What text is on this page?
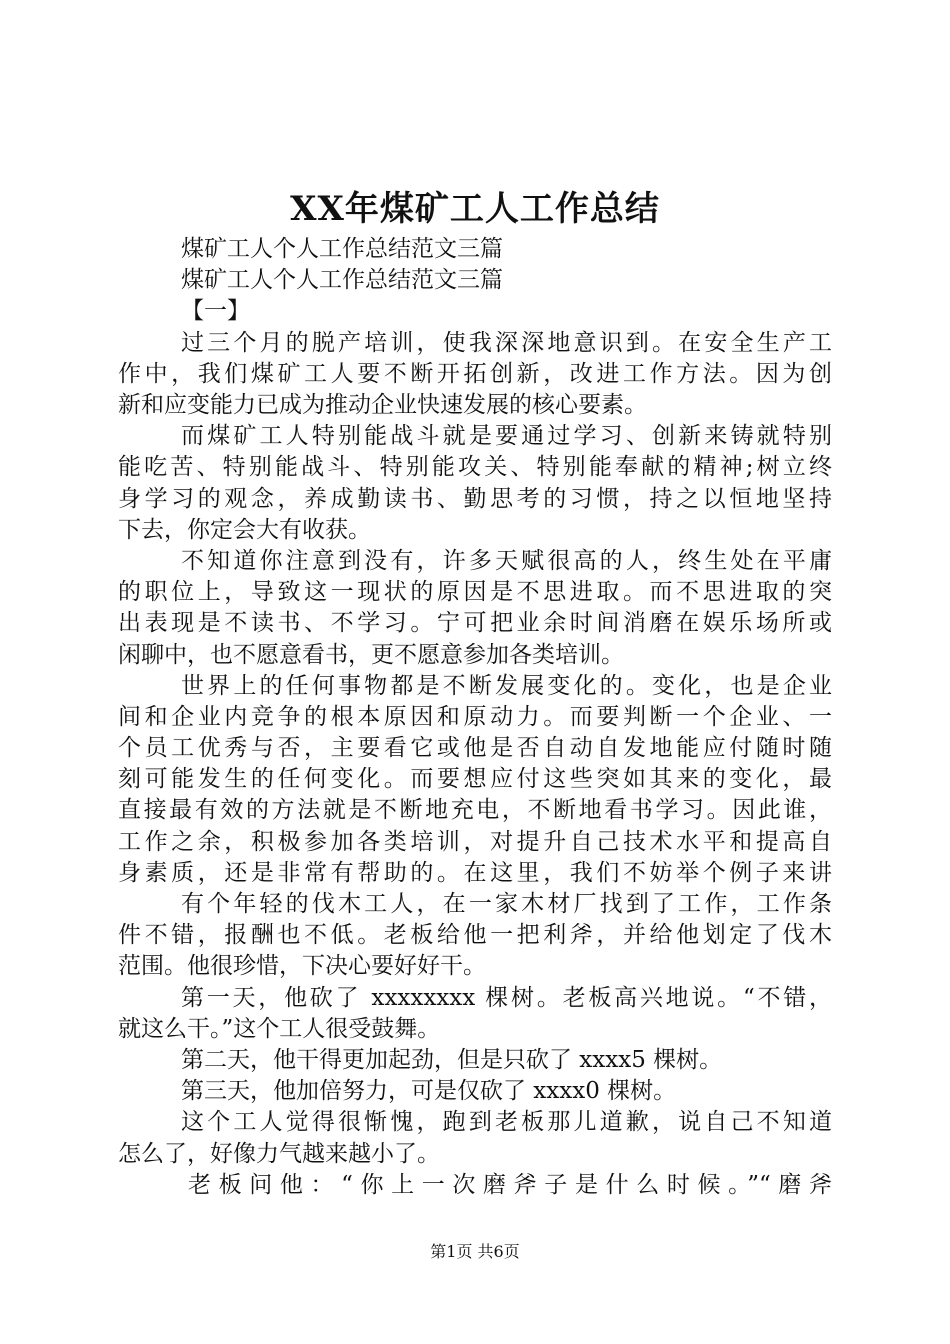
XX年煤矿工人工作总结
煤矿工人个人工作总结范文三篇
煤矿工人个人工作总结范文三篇
【一】
过三个月的脱产培训，使我深深地意识到。在安全生产工
作中，我们煤矿工人要不断开拓创新，改进工作方法。因为创
新和应变能力已成为推动企业快速发展的核心要素。
而煤矿工人特别能战斗就是要通过学习、创新来铸就特别
能吃苦、特别能战斗、特别能攻关、特别能奉献的精神;树立终
身学习的观念，养成勤读书、勤思考的习惯，持之以恒地坚持
下去，你定会大有收获。
不知道你注意到没有，许多天赋很高的人，终生处在平庸
的职位上，导致这一现状的原因是不思进取。而不思进取的突
出表现是不读书、不学习。宁可把业余时间消磨在娱乐场所或
闲聊中，也不愿意看书，更不愿意参加各类培训。
世界上的任何事物都是不断发展变化的。变化，也是企业
间和企业内竞争的根本原因和原动力。而要判断一个企业、一
个员工优秀与否，主要看它或他是否自动自发地能应付随时随
刻可能发生的任何变化。而要想应付这些突如其来的变化，最
直接最有效的方法就是不断地充电，不断地看书学习。因此谁，
工作之余，积极参加各类培训，对提升自己技术水平和提高自
身素质，还是非常有帮助的。在这里，我们不妨举个例子来讲
有个年轻的伐木工人，在一家木材厂找到了工作，工作条
件不错，报酬也不低。老板给他一把利斧，并给他划定了伐木
范围。他很珍惜，下决心要好好干。
第一天，他砍了 xxxxxxxx 棵树。老板高兴地说。“不错，
就这么干。”这个工人很受鼓舞。
第二天，他干得更加起劲，但是只砍了 xxxx5 棵树。
第三天，他加倍努力，可是仅砍了 xxxx0 棵树。
这个工人觉得很惭愧，跑到老板那儿道歉，说自己不知道
怎么了，好像力气越来越小了。
老板问他：“你上一次磨斧子是什么时候。”“磨斧
第1页 共6页
